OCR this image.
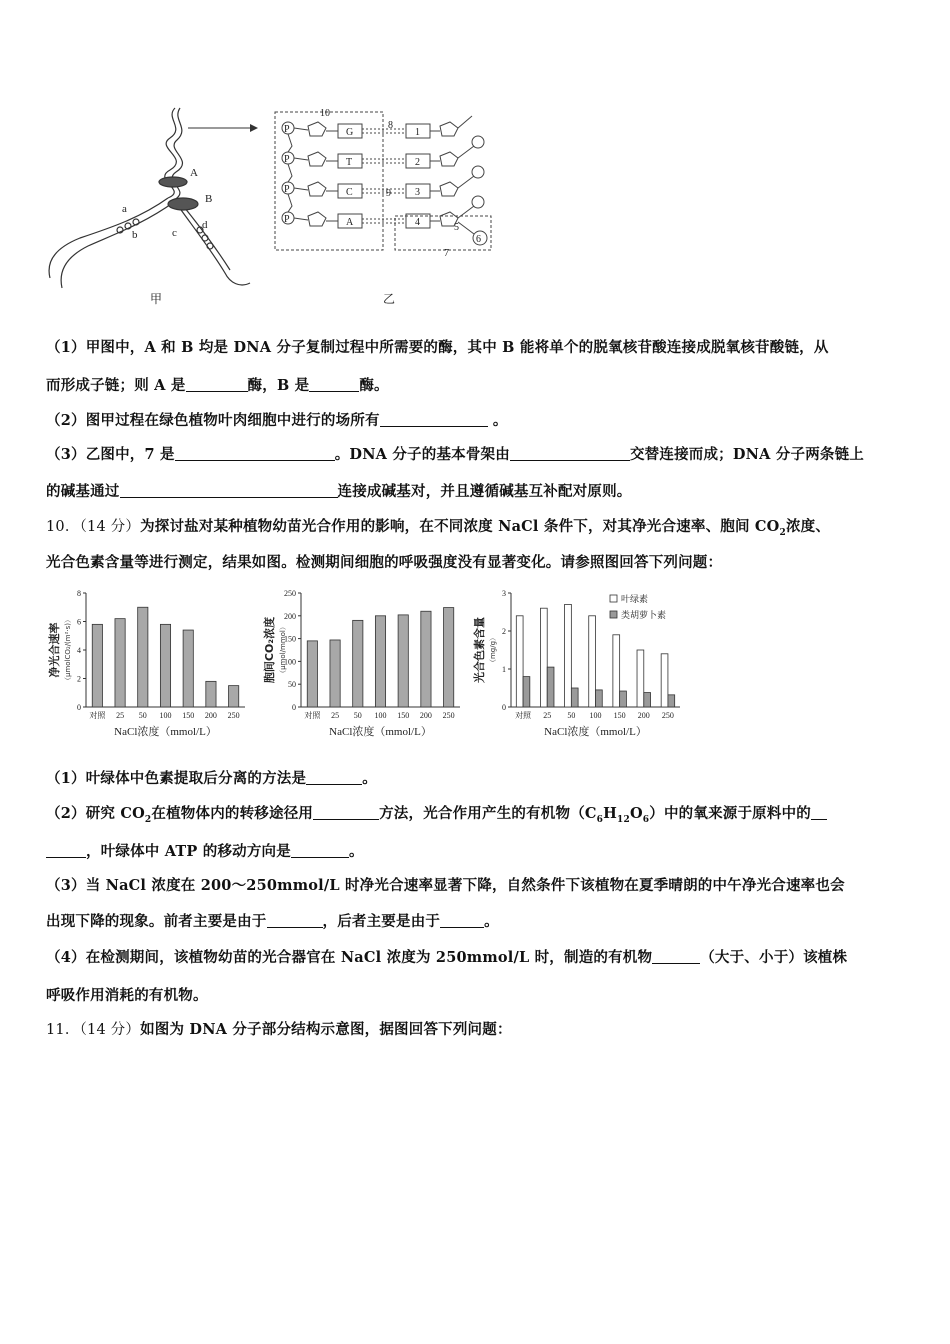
A
B
a
b	c
d
P
P
P
P
G
T
C
A
1
2
3
4
10
8
9
5
6
7
甲	乙
（1）甲图中，A 和 B 均是 DNA 分子复制过程中所需要的酶，其中 B 能将单个的脱氧核苷酸连接成脱氧核苷酸链，从
而形成子链；则 A 是	酶，B 是	酶。
（2）图甲过程在绿色植物叶肉细胞中进行的场所有	。
（3）乙图中，7 是	。DNA 分子的基本骨架由	交替连接而成；DNA 分子两条链上
的碱基通过	连接成碱基对，并且遵循碱基互补配对原则。
10．（14 分）为探讨盐对某种植物幼苗光合作用的影响，在不同浓度 NaCl 条件下，对其净光合速率、胞间 $CO_2$浓度、
光合色素含量等进行测定，结果如图。检测期间细胞的呼吸强度没有显著变化。请参照图回答下列问题：
净光合速率 （μmolCO₂/(m²·s)）
0
2
4
6
8
对照 25 50 100 150 200 250
NaCl浓度（mmol/L）
胞间CO₂浓度 （μmol/mmol）
0
50
100
150
200
250
对照 25 50 100 150 200 250
NaCl浓度（mmol/L）
光合色素含量 （mg/g）
0
1
2
3
对照 25 50 100 150 200 250
NaCl浓度（mmol/L）
叶绿素
类胡萝卜素
（1）叶绿体中色素提取后分离的方法是	。
（2）研究 $CO_2$在植物体内的转移途径用	方法，光合作用产生的有机物$(C_6H_{12}O_6)$中的氧来源于原料中的
，叶绿体中 ATP 的移动方向是	。
（3）当 NaCl 浓度在 200～250mmol/L 时净光合速率显著下降，自然条件下该植物在夏季晴朗的中午净光合速率也会
出现下降的现象。前者主要是由于	，后者主要是由于	。
（4）在检测期间，该植物幼苗的光合器官在 NaCl 浓度为 250mmol/L 时，制造的有机物	（大于、小于）该植株
呼吸作用消耗的有机物。
11．（14 分）如图为 DNA 分子部分结构示意图，据图回答下列问题：
